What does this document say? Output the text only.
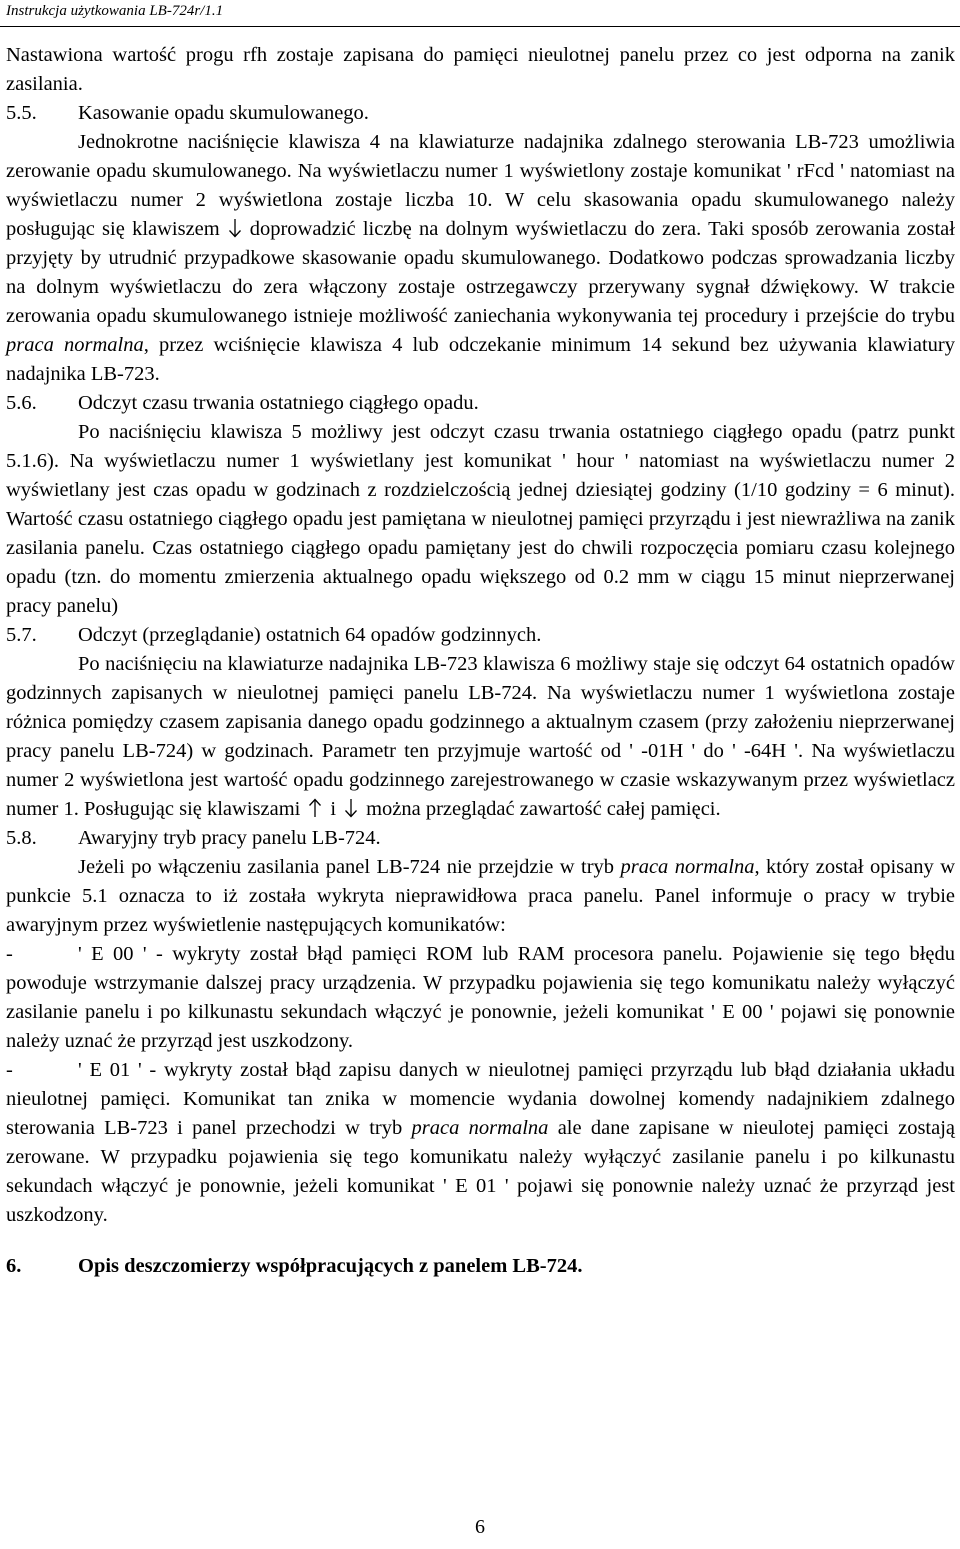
Instrukcja użytkowania LB-724r/1.1

Nastawiona wartość progu rfh zostaje zapisana do pamięci nieulotnej panelu przez co jest odporna na zanik zasilania.

5.5. Kasowanie opadu skumulowanego.

Jednokrotne naciśnięcie klawisza 4 na klawiaturze nadajnika zdalnego sterowania LB-723 umożliwia zerowanie opadu skumulowanego. Na wyświetlaczu numer 1 wyświetlony zostaje komunikat ' rFcd ' natomiast na wyświetlaczu numer 2 wyświetlona zostaje liczba 10. W celu skasowania opadu skumulowanego należy posługując się klawiszem doprowadzić liczbę na dolnym wyświetlaczu do zera. Taki sposób zerowania został przyjęty by utrudnić przypadkowe skasowanie opadu skumulowanego. Dodatkowo podczas sprowadzania liczby na dolnym wyświetlaczu do zera włączony zostaje ostrzegawczy przerywany sygnał dźwiękowy. W trakcie zerowania opadu skumulowanego istnieje możliwość zaniechania wykonywania tej procedury i przejście do trybu praca normalna, przez wciśnięcie klawisza 4 lub odczekanie minimum 14 sekund bez używania klawiatury nadajnika LB-723.

5.6. Odczyt czasu trwania ostatniego ciągłego opadu.

Po naciśnięciu klawisza 5 możliwy jest odczyt czasu trwania ostatniego ciągłego opadu (patrz punkt 5.1.6). Na wyświetlaczu numer 1 wyświetlany jest komunikat ' hour ' natomiast na wyświetlaczu numer 2 wyświetlany jest czas opadu w godzinach z rozdzielczością jednej dziesiątej godziny (1/10 godziny = 6 minut). Wartość czasu ostatniego ciągłego opadu jest pamiętana w nieulotnej pamięci przyrządu i jest niewrażliwa na zanik zasilania panelu. Czas ostatniego ciągłego opadu pamiętany jest do chwili rozpoczęcia pomiaru czasu kolejnego opadu (tzn. do momentu zmierzenia aktualnego opadu większego od 0.2 mm w ciągu 15 minut nieprzerwanej pracy panelu)

5.7. Odczyt (przeglądanie) ostatnich 64 opadów godzinnych.

Po naciśnięciu na klawiaturze nadajnika LB-723 klawisza 6 możliwy staje się odczyt 64 ostatnich opadów godzinnych zapisanych w nieulotnej pamięci panelu LB-724. Na wyświetlaczu numer 1 wyświetlona zostaje różnica pomiędzy czasem zapisania danego opadu godzinnego a aktualnym czasem (przy założeniu nieprzerwanej pracy panelu LB-724) w godzinach. Parametr ten przyjmuje wartość od ' -01H ' do ' -64H '. Na wyświetlaczu numer 2 wyświetlona jest wartość opadu godzinnego zarejestrowanego w czasie wskazywanym przez wyświetlacz numer 1. Posługując się klawiszami i można przeglądać zawartość całej pamięci.

5.8. Awaryjny tryb pracy panelu LB-724.

Jeżeli po włączeniu zasilania panel LB-724 nie przejdzie w tryb praca normalna, który został opisany w punkcie 5.1 oznacza to iż została wykryta nieprawidłowa praca panelu. Panel informuje o pracy w trybie awaryjnym przez wyświetlenie następujących komunikatów:

-	' E 00 ' - wykryty został błąd pamięci ROM lub RAM procesora panelu. Pojawienie się tego błędu powoduje wstrzymanie dalszej pracy urządzenia. W przypadku pojawienia się tego komunikatu należy wyłączyć zasilanie panelu i po kilkunastu sekundach włączyć je ponownie, jeżeli komunikat ' E 00 ' pojawi się ponownie należy uznać że przyrząd jest uszkodzony.

-	' E 01 ' - wykryty został błąd zapisu danych w nieulotnej pamięci przyrządu lub błąd działania układu nieulotnej pamięci. Komunikat tan znika w momencie wydania dowolnej komendy nadajnikiem zdalnego sterowania LB-723 i panel przechodzi w tryb praca normalna ale dane zapisane w nieulotej pamięci zostają zerowane. W przypadku pojawienia się tego komunikatu należy wyłączyć zasilanie panelu i po kilkunastu sekundach włączyć je ponownie, jeżeli komunikat ' E 01 ' pojawi się ponownie należy uznać że przyrząd jest uszkodzony.

6.	Opis deszczomierzy współpracujących z panelem LB-724.

6
